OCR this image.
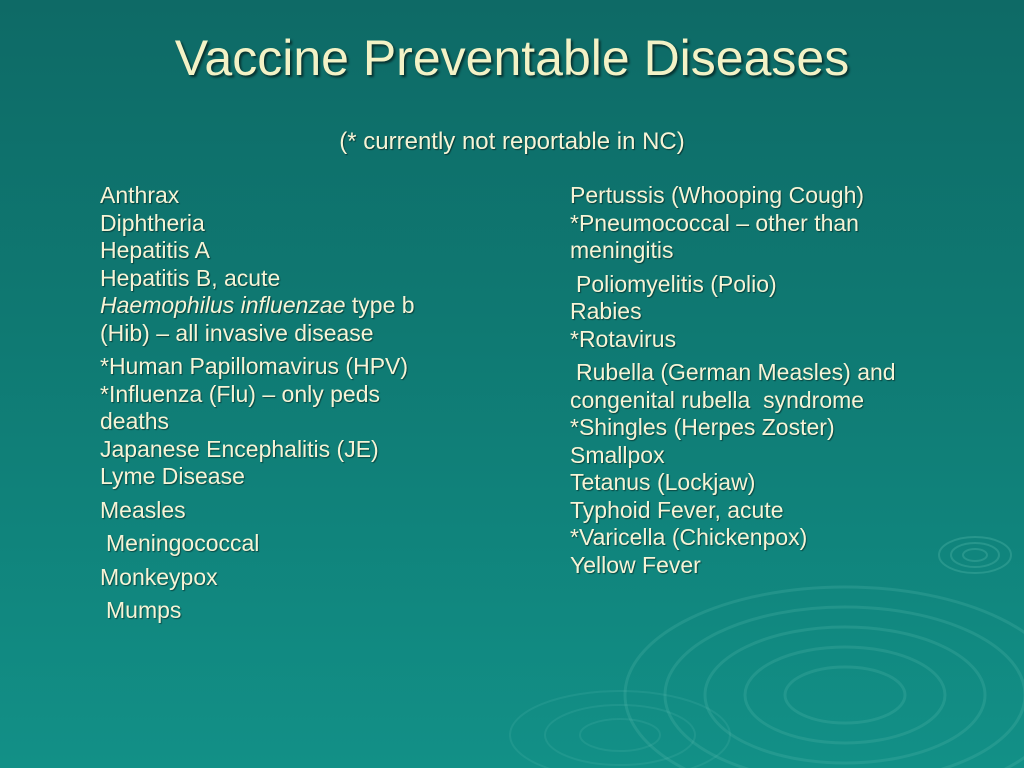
Vaccine Preventable Diseases
(* currently not reportable in NC)
Anthrax
Diphtheria
Hepatitis A
Hepatitis B, acute
Haemophilus influenzae type b
(Hib) – all invasive disease
*Human Papillomavirus (HPV)
*Influenza (Flu) – only peds
deaths
Japanese Encephalitis (JE)
Lyme Disease
Measles
Meningococcal
Monkeypox
Mumps
Pertussis (Whooping Cough)
*Pneumococcal – other than
meningitis
Poliomyelitis (Polio)
Rabies
*Rotavirus
Rubella (German Measles) and
congenital rubella  syndrome
*Shingles (Herpes Zoster)
Smallpox
Tetanus (Lockjaw)
Typhoid Fever, acute
*Varicella (Chickenpox)
Yellow Fever
